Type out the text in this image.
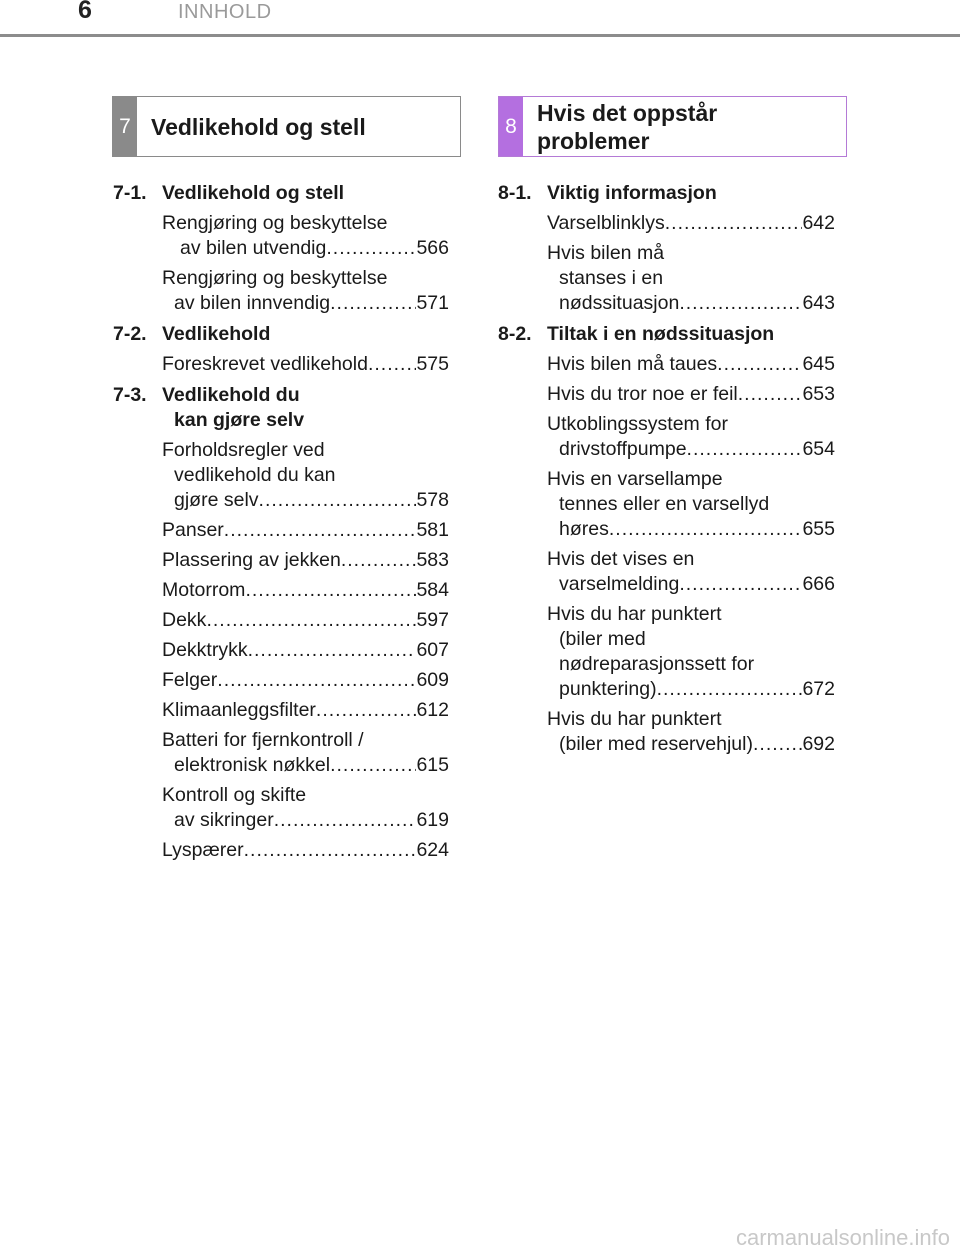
6	INNHOLD
7 Vedlikehold og stell	8
Hvis det oppstår
problemer
7-1. Vedlikehold og stell
Rengjøring og beskyttelse
av bilen utvendig .....	566
Rengjøring og beskyttelse
av bilen innvendig .....	571
7-2. Vedlikehold
Foreskrevet vedlikehold ..... 575
7-3. Vedlikehold du
kan gjøre selv
Forholdsregler ved
vedlikehold du kan
gjøre selv .....	578
Panser .....	581
Plassering av jekken .....	583
Motorrom .....	584
Dekk .....	597
Dekktrykk .....	607
Felger .....	609
Klimaanleggsfilter .....	612
Batteri for fjernkontroll /
elektronisk nøkkel .....	615
Kontroll og skifte
av sikringer .....	619
Lyspærer .....	624
8-1. Viktig informasjon
Varselblinklys .....	642
Hvis bilen må
stanses i en
nødssituasjon .....	643
8-2. Tiltak i en nødssituasjon
Hvis bilen må taues .....	645
Hvis du tror noe er feil .....	653
Utkoblingssystem for
drivstoffpumpe .....	654
Hvis en varsellampe
tennes eller en varsellyd
høres .....	655
Hvis det vises en
varselmelding .....	666
Hvis du har punktert
(biler med
nødreparasjonssett for
punktering) .....	672
Hvis du har punktert
(biler med reservehjul) .....	692
carmanualsonline.info
